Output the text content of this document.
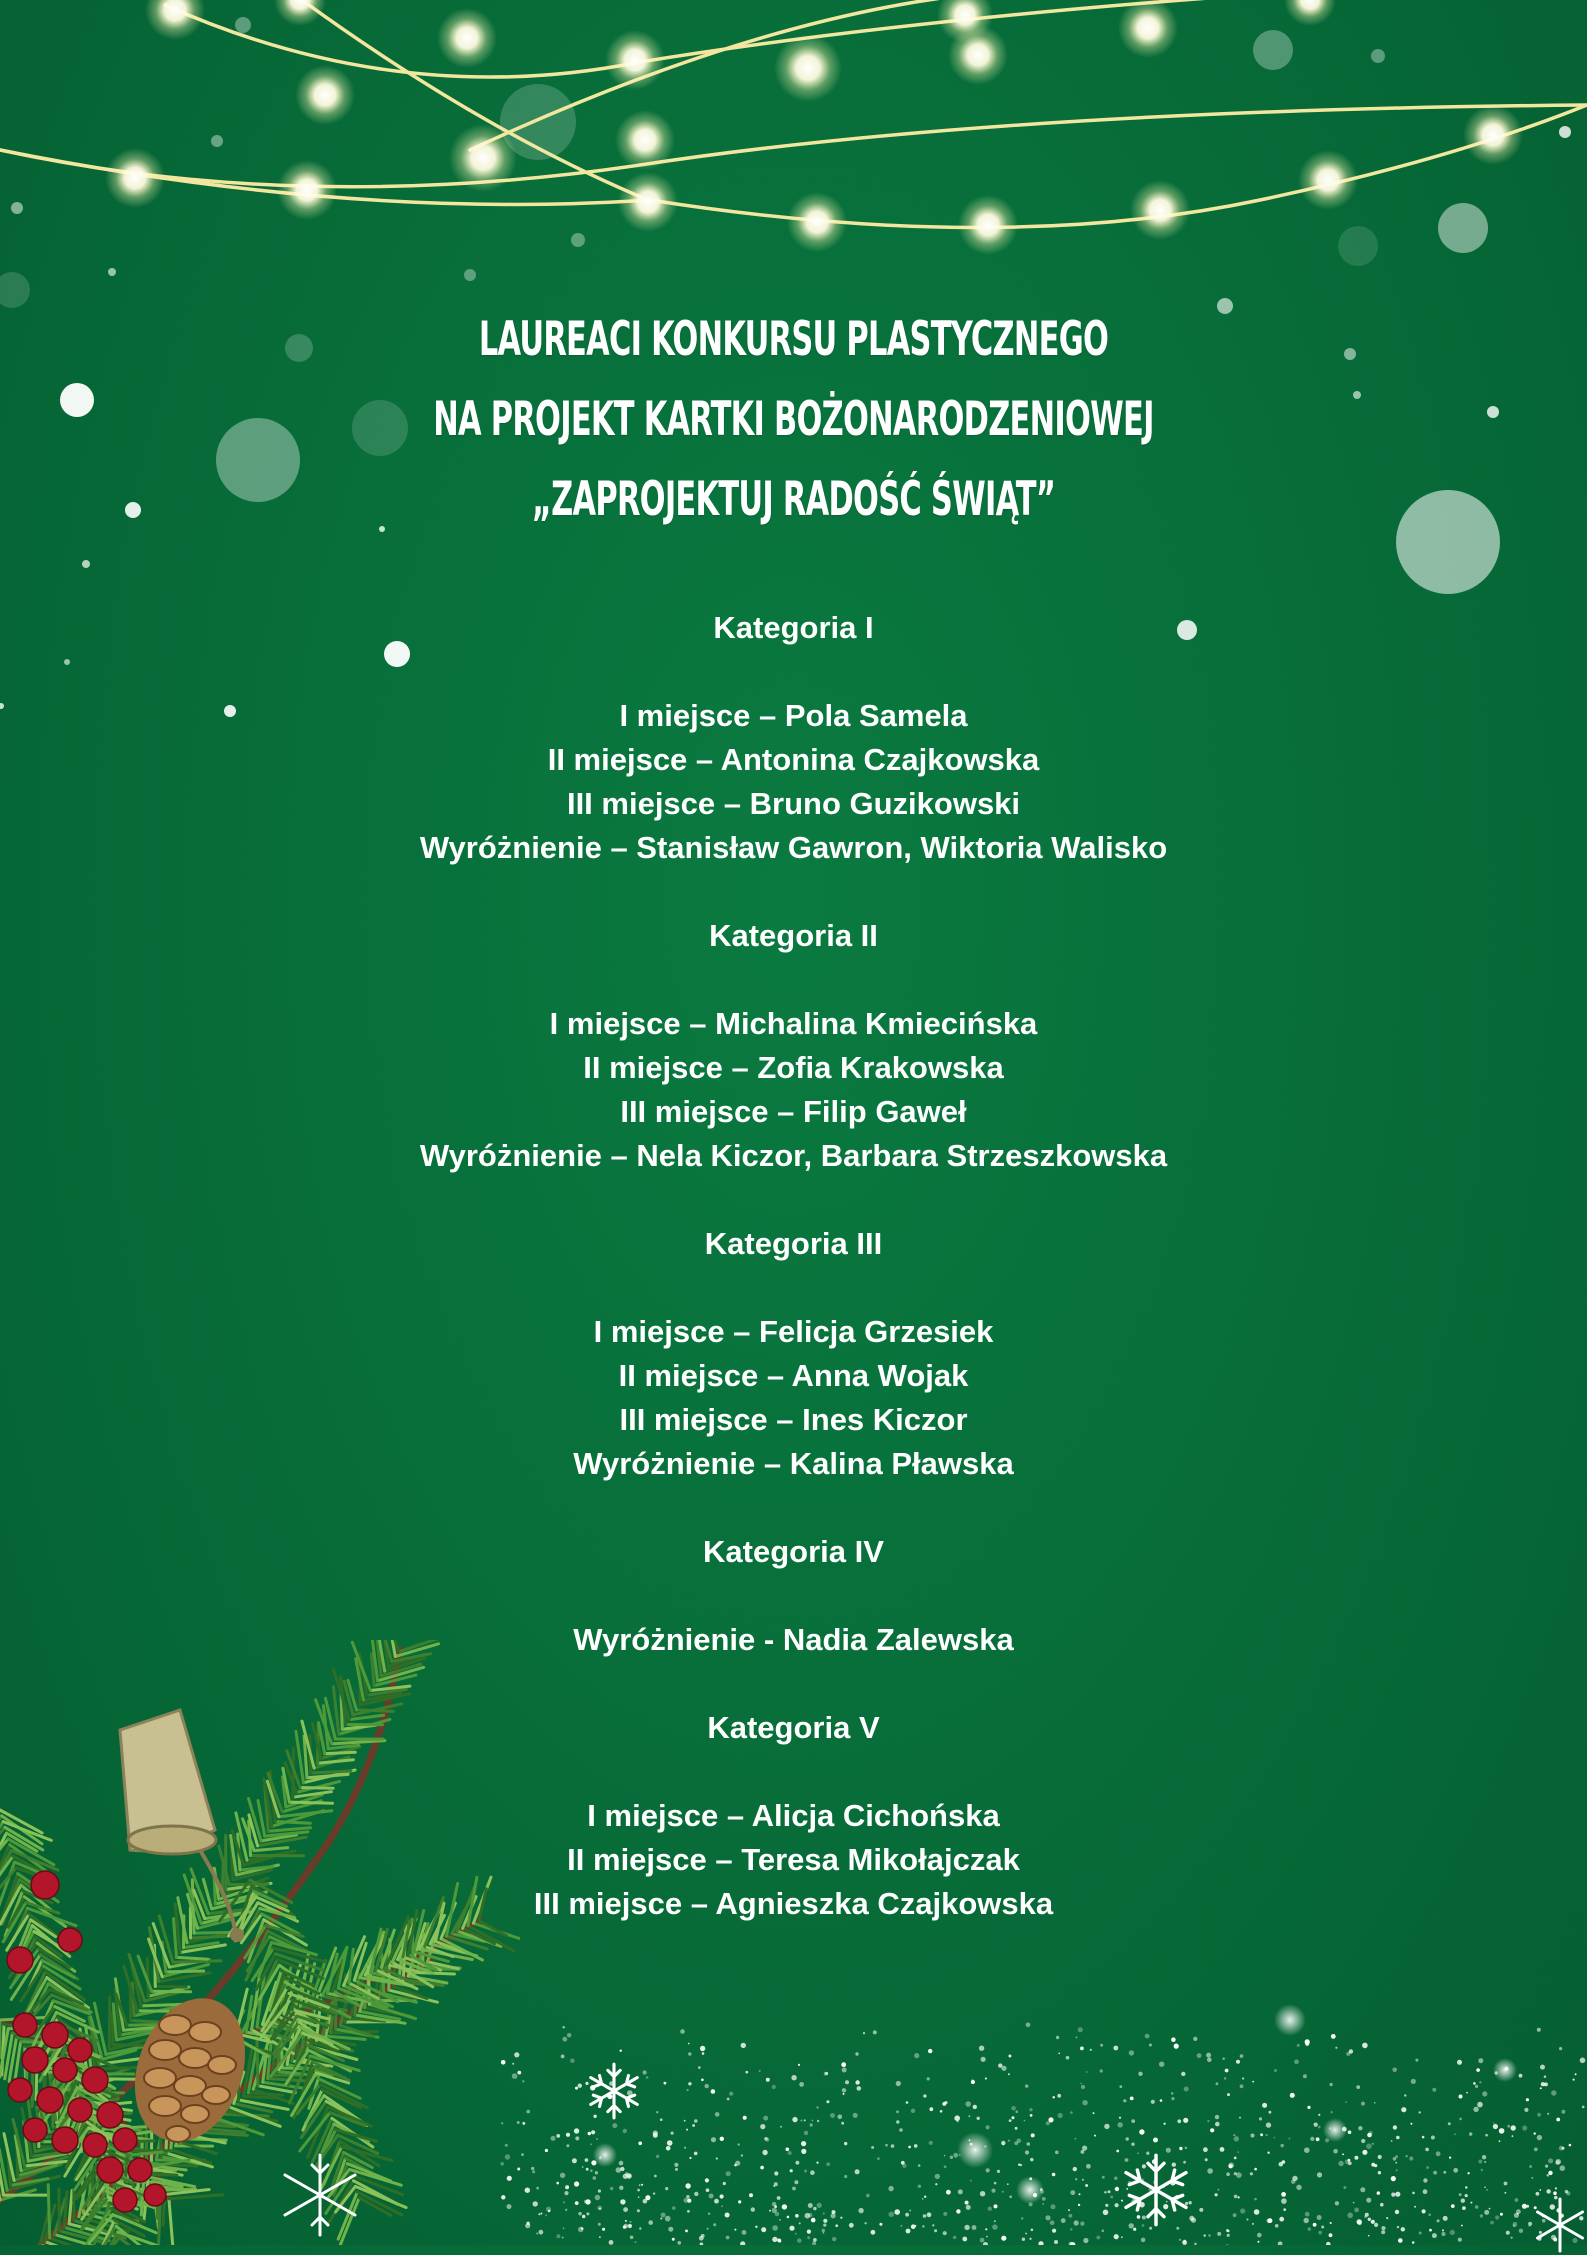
LAUREACI KONKURSU PLASTYCZNEGO
NA PROJEKT KARTKI BOŻONARODZENIOWEJ
„ZAPROJEKTUJ RADOŚĆ ŚWIĄT”
Kategoria I
I miejsce – Pola Samela
II miejsce – Antonina Czajkowska
III miejsce – Bruno Guzikowski
Wyróżnienie – Stanisław Gawron, Wiktoria Walisko
Kategoria II
I miejsce – Michalina Kmiecińska
II miejsce – Zofia Krakowska
III miejsce – Filip Gaweł
Wyróżnienie – Nela Kiczor, Barbara Strzeszkowska
Kategoria III
I miejsce – Felicja Grzesiek
II miejsce – Anna Wojak
III miejsce – Ines Kiczor
Wyróżnienie – Kalina Pławska
Kategoria IV
Wyróżnienie - Nadia Zalewska
Kategoria V
I miejsce – Alicja Cichońska
II miejsce – Teresa Mikołajczak
III miejsce – Agnieszka Czajkowska
